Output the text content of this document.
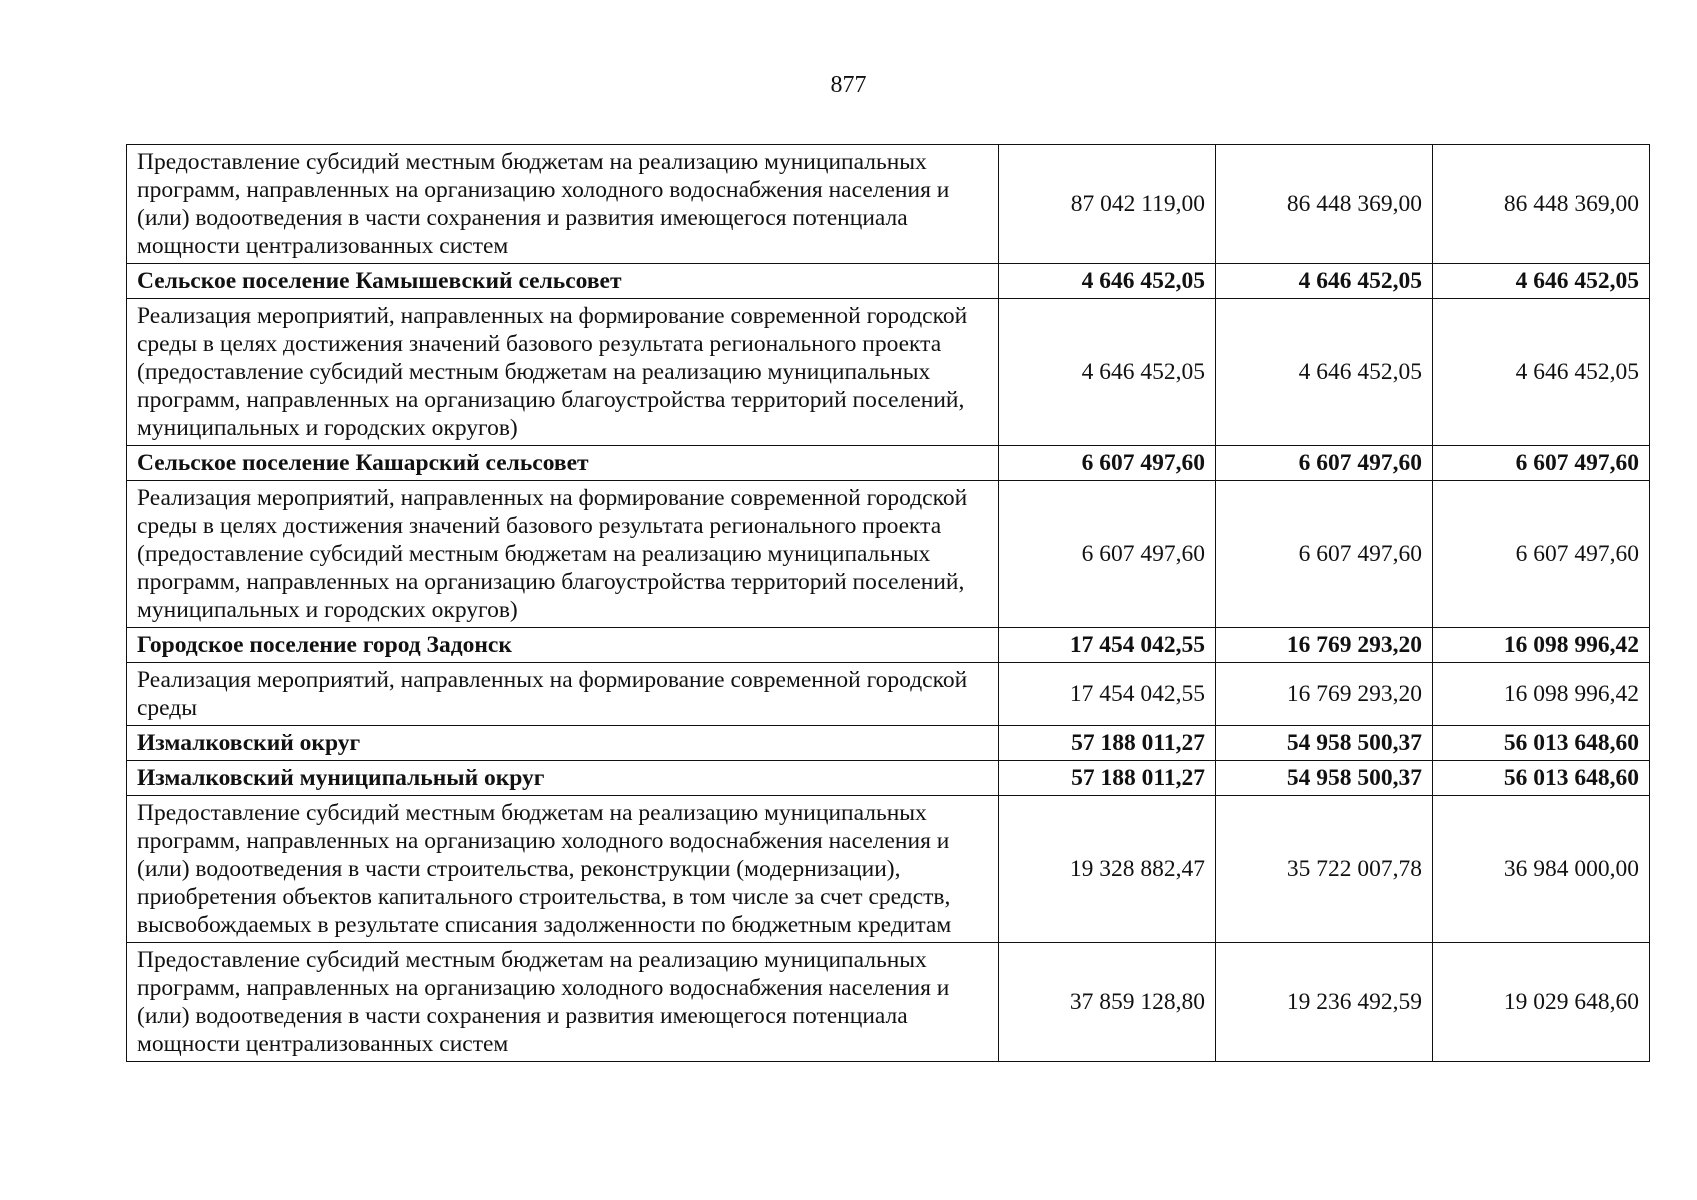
877
Предоставление субсидий местным бюджетам на реализацию муниципальных программ, направленных на организацию холодного водоснабжения населения и (или) водоотведения в части сохранения и развития имеющегося потенциала мощности централизованных систем	87 042 119,00	86 448 369,00	86 448 369,00
Сельское поселение Камышевский сельсовет	4 646 452,05	4 646 452,05	4 646 452,05
Реализация мероприятий, направленных на формирование современной городской среды в целях достижения значений базового результата регионального проекта (предоставление субсидий местным бюджетам на реализацию муниципальных программ, направленных на организацию благоустройства территорий поселений, муниципальных и городских округов)	4 646 452,05	4 646 452,05	4 646 452,05
Сельское поселение Кашарский сельсовет	6 607 497,60	6 607 497,60	6 607 497,60
Реализация мероприятий, направленных на формирование современной городской среды в целях достижения значений базового результата регионального проекта (предоставление субсидий местным бюджетам на реализацию муниципальных программ, направленных на организацию благоустройства территорий поселений, муниципальных и городских округов)	6 607 497,60	6 607 497,60	6 607 497,60
Городское поселение город Задонск	17 454 042,55	16 769 293,20	16 098 996,42
Реализация мероприятий, направленных на формирование современной городской среды	17 454 042,55	16 769 293,20	16 098 996,42
Измалковский округ	57 188 011,27	54 958 500,37	56 013 648,60
Измалковский муниципальный округ	57 188 011,27	54 958 500,37	56 013 648,60
Предоставление субсидий местным бюджетам на реализацию муниципальных программ, направленных на организацию холодного водоснабжения населения и (или) водоотведения в части строительства, реконструкции (модернизации), приобретения объектов капитального строительства, в том числе за счет средств, высвобождаемых в результате списания задолженности по бюджетным кредитам	19 328 882,47	35 722 007,78	36 984 000,00
Предоставление субсидий местным бюджетам на реализацию муниципальных программ, направленных на организацию холодного водоснабжения населения и (или) водоотведения в части сохранения и развития имеющегося потенциала мощности централизованных систем	37 859 128,80	19 236 492,59	19 029 648,60
